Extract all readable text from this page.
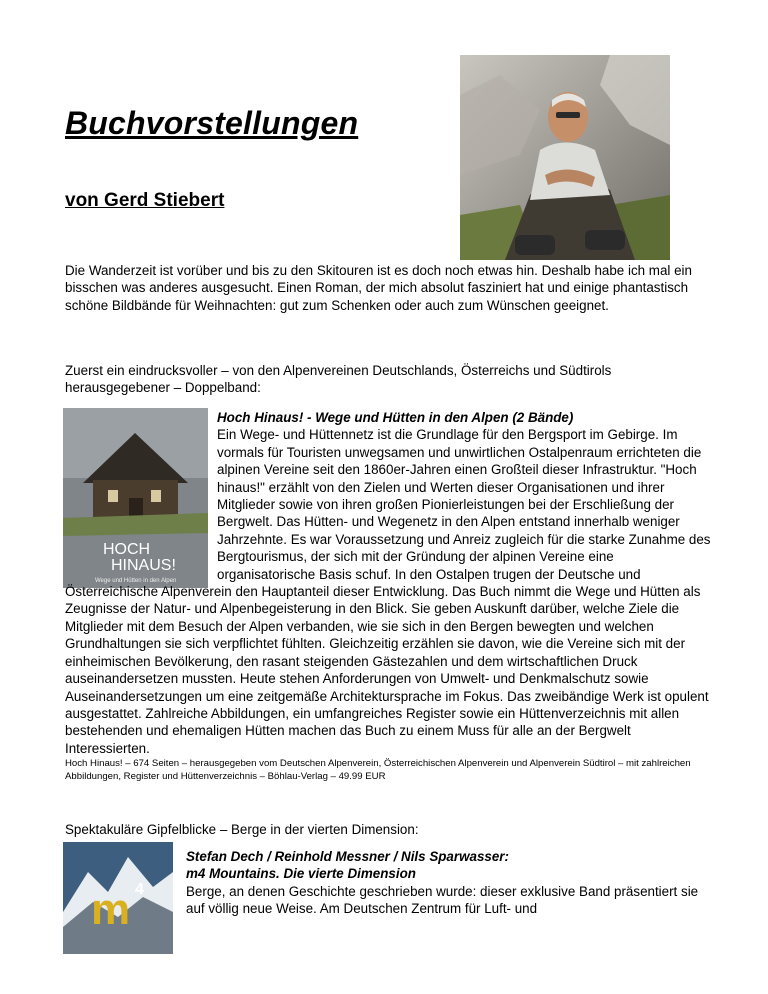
Buchvorstellungen
von Gerd Stiebert

Die Wanderzeit ist vorüber und bis zu den Skitouren ist es doch noch etwas hin. Deshalb habe ich mal ein bisschen was anderes ausgesucht. Einen Roman, der mich absolut fasziniert hat und einige phantastisch schöne Bildbände für Weihnachten: gut zum Schenken oder auch zum Wünschen geeignet.

Zuerst ein eindrucksvoller – von den Alpenvereinen Deutschlands, Österreichs und Südtirols herausgegebener – Doppelband:

HOCH
HINAUS!
Wege und Hütten in den Alpen

Hoch Hinaus! - Wege und Hütten in den Alpen (2 Bände)

Ein Wege- und Hüttennetz ist die Grundlage für den Bergsport im Gebirge. Im vormals für Touristen unwegsamen und unwirtlichen Ostalpenraum errichteten die alpinen Vereine seit den 1860er-Jahren einen Großteil dieser Infrastruktur. "Hoch hinaus!" erzählt von den Zielen und Werten dieser Organisationen und ihrer Mitglieder sowie von ihren großen Pionierleistungen bei der Erschließung der Bergwelt. Das Hütten- und Wegenetz in den Alpen entstand innerhalb weniger Jahrzehnte. Es war Voraussetzung und Anreiz zugleich für die starke Zunahme des Bergtourismus, der sich mit der Gründung der alpinen Vereine eine organisatorische Basis schuf. In den Ostalpen trugen der Deutsche und Österreichische Alpenverein den Hauptanteil dieser Entwicklung. Das Buch nimmt die Wege und Hütten als Zeugnisse der Natur- und Alpenbegeisterung in den Blick. Sie geben Auskunft darüber, welche Ziele die Mitglieder mit dem Besuch der Alpen verbanden, wie sie sich in den Bergen bewegten und welchen Grundhaltungen sie sich verpflichtet fühlten. Gleichzeitig erzählen sie davon, wie die Vereine sich mit der einheimischen Bevölkerung, den rasant steigenden Gästezahlen und dem wirtschaftlichen Druck auseinandersetzen mussten. Heute stehen Anforderungen von Umwelt- und Denkmalschutz sowie Auseinandersetzungen um eine zeitgemäße Architektursprache im Fokus. Das zweibändige Werk ist opulent ausgestattet. Zahlreiche Abbildungen, ein umfangreiches Register sowie ein Hüttenverzeichnis mit allen bestehenden und ehemaligen Hütten machen das Buch zu einem Muss für alle an der Bergwelt Interessierten.

Hoch Hinaus! – 674 Seiten – herausgegeben vom Deutschen Alpenverein, Österreichischen Alpenverein und Alpenverein Südtirol – mit zahlreichen Abbildungen, Register und Hüttenverzeichnis – Böhlau-Verlag – 49.99 EUR

Spektakuläre Gipfelblicke – Berge in der vierten Dimension:

m 4

Stefan Dech / Reinhold Messner / Nils Sparwasser:

m4 Mountains. Die vierte Dimension

Berge, an denen Geschichte geschrieben wurde: dieser exklusive Band präsentiert sie auf völlig neue Weise. Am Deutschen Zentrum für Luft- und
